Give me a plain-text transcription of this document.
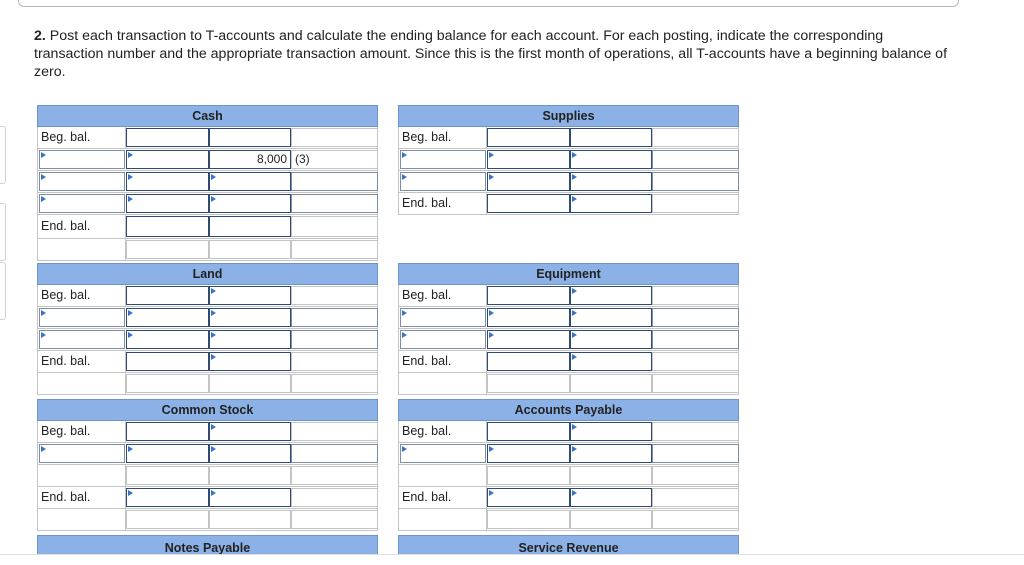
2. Post each transaction to T-accounts and calculate the ending balance for each account. For each posting, indicate the corresponding transaction number and the appropriate transaction amount. Since this is the first month of operations, all T-accounts have a beginning balance of zero.

Cash
Beg. bal.
8,000 (3)
End. bal.
Supplies
Beg. bal.
End. bal.
Land
Beg. bal.
End. bal.
Equipment
Beg. bal.
End. bal.
Common Stock
Beg. bal.
End. bal.
Accounts Payable
Beg. bal.
End. bal.
Notes Payable	Service Revenue
